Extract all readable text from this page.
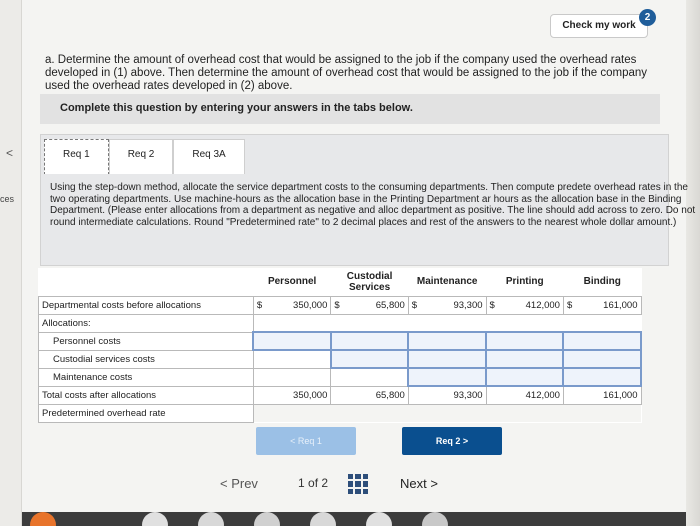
<
ces
Check my work
2
a. Determine the amount of overhead cost that would be assigned to the job if the company used the overhead rates developed in (1) above. Then determine the amount of overhead cost that would be assigned to the job if the company used the overhead rates developed in (2) above.
Complete this question by entering your answers in the tabs below.
Req 1	Req 2	Req 3A
Using the step-down method, allocate the service department costs to the consuming departments. Then compute predete overhead rates in the two operating departments. Use machine-hours as the allocation base in the Printing Department ar hours as the allocation base in the Binding Department. (Please enter allocations from a department as negative and alloc department as positive. The line should add across to zero. Do not round intermediate calculations. Round "Predetermined rate" to 2 decimal places and rest of the answers to the nearest whole dollar amount.)
	Personnel		Custodial Services		Maintenance		Printing		Binding	
Departmental costs before allocations	$	350,000	$	65,800	$	93,300	$	412,000	$	161,000
Allocations:										
Personnel costs										
Custodial services costs										
Maintenance costs										
Total costs after allocations	350,000		65,800		93,300		412,000		161,000	
Predetermined overhead rate										
< Req 1	Req 2 >
< Prev	1 of 2	Next >
